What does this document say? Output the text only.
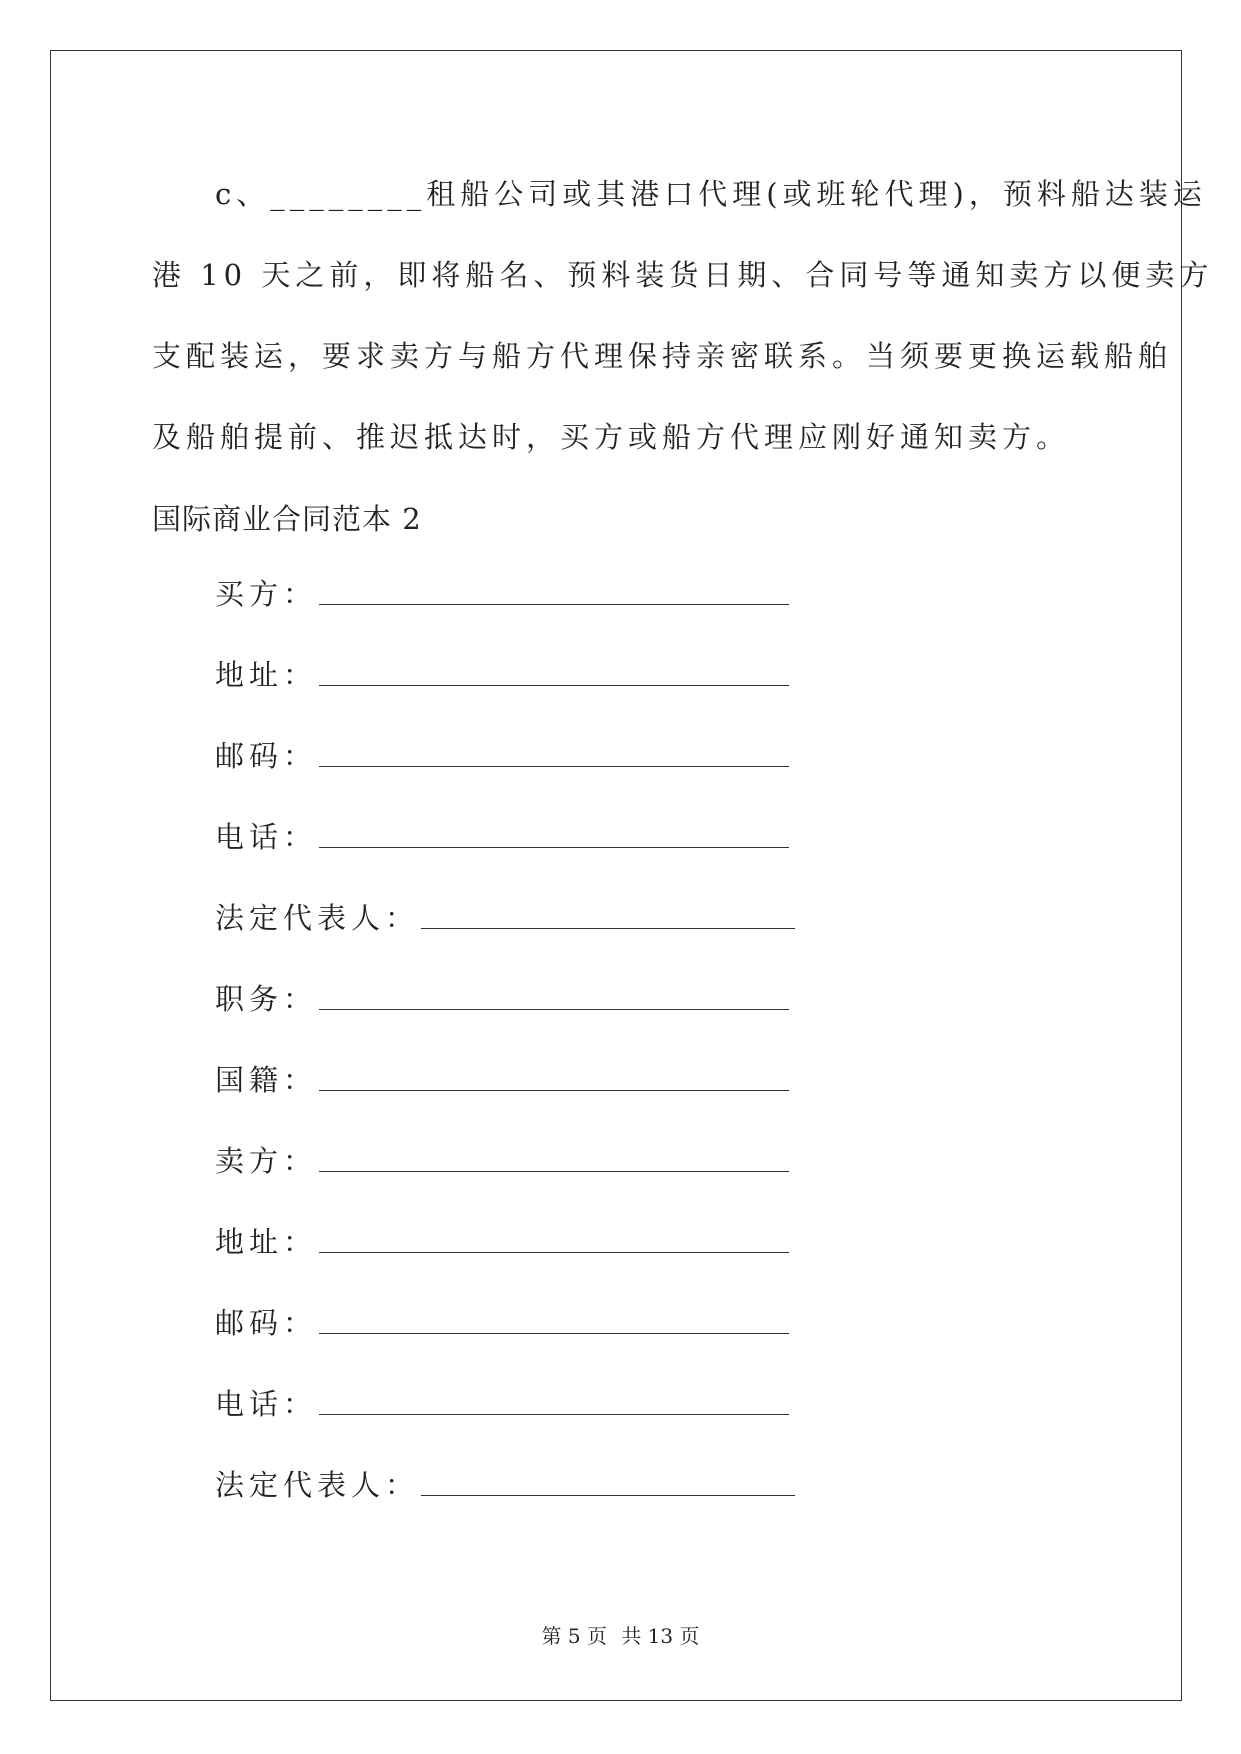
c、________租船公司或其港口代理(或班轮代理)，预料船达装运
港 10 天之前，即将船名、预料装货日期、合同号等通知卖方以便卖方
支配装运，要求卖方与船方代理保持亲密联系。当须要更换运载船舶
及船舶提前、推迟抵达时，买方或船方代理应刚好通知卖方。
国际商业合同范本 2
买方：
地址：
邮码：
电话：
法定代表人：
职务：
国籍：
卖方：
地址：
邮码：
电话：
法定代表人：
第 5 页 共 13 页
